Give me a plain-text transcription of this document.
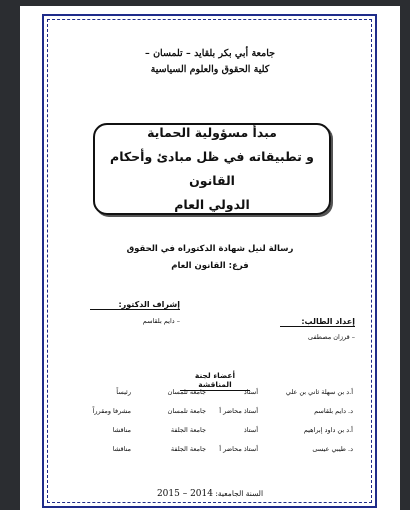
جامعة أبي بكر بلقايد – تلمسان –
كلية الحقوق والعلوم السياسية
مبدأ مسؤولية الحماية
و تطبيقاته في ظل مبادئ وأحكام القانون
الدولي العام
رسالة لنيل شهادة الدكتوراه في الحقوق
فرع: القانون العام
إشراف الدكتور:
– دايم بلقاسم	إعداد الطالب:
– قرزان مصطفى
أعضاء لجنة المناقشة
أ.د بن سهلة ثاني بن علي
أستاذ
جامعة تلمسان
رئيساً
د. دايم بلقاسم
أستاذ محاضر أ
جامعة تلمسان
مشرفا ومقرراً
أ.د بن داود إبراهيم
أستاذ
جامعة الجلفة
مناقشا
د. طيبي عيسى
أستاذ محاضر أ
جامعة الجلفة
مناقشا
السنة الجامعية: 2014 – 2015
